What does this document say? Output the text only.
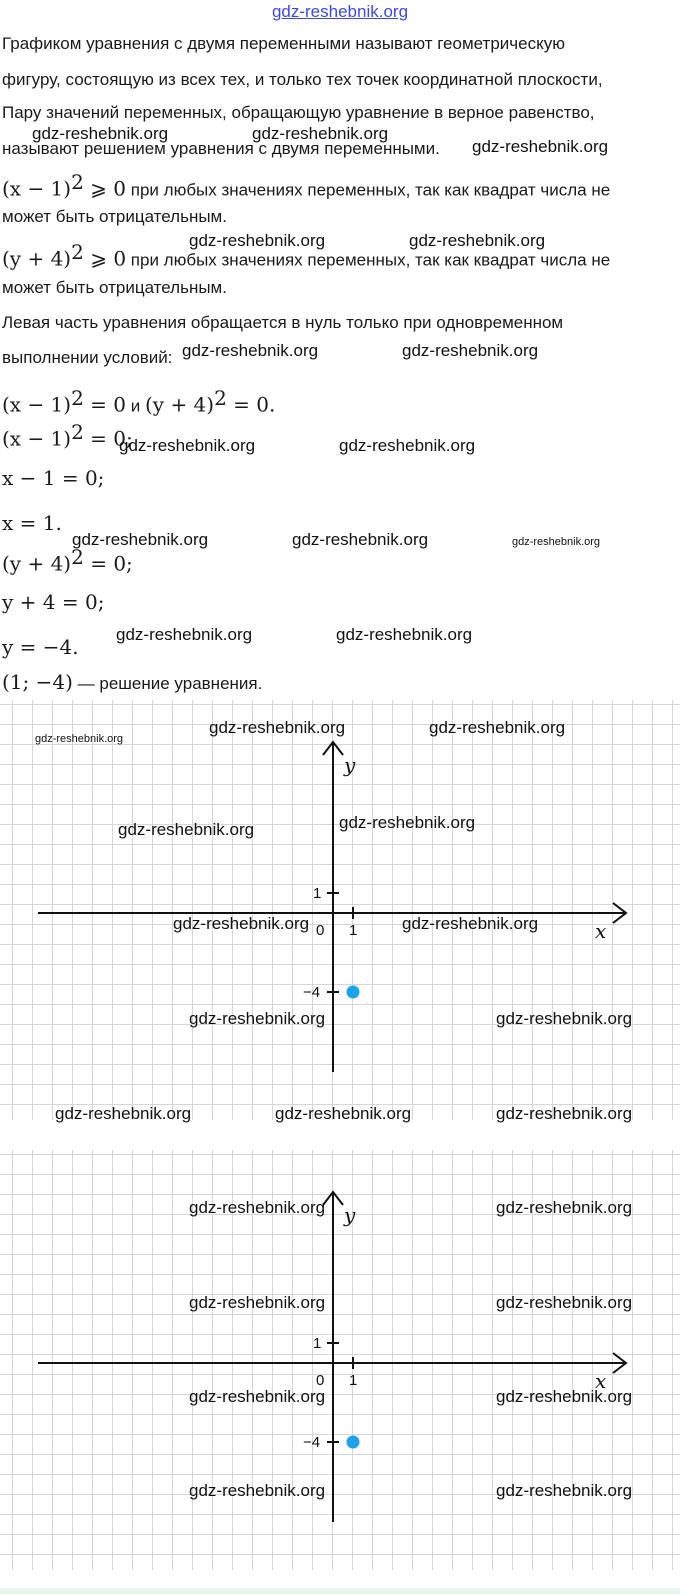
gdz-reshebnik.org
Графиком уравнения с двумя переменными называют геометрическую
фигуру, состоящую из всех тех, и только тех точек координатной плоскости,
Пару значений переменных, обращающую уравнение в верное равенство,
называют решением уравнения с двумя переменными.
$(x - 1)^2$ ⩾ 0 при любых значениях переменных, так как квадрат числа не
может быть отрицательным.
$(y + 4)^2$ ⩾ 0 при любых значениях переменных, так как квадрат числа не
может быть отрицательным.
Левая часть уравнения обращается в нуль только при одновременном
выполнении условий:
$(x - 1)^2 = 0$ и $(y + 4)^2 = 0$.
$(x - 1)^2 = 0$;
x − 1 = 0;
x = 1.
$(y + 4)^2 = 0$;
y + 4 = 0;
y = −4.
(1; −4) — решение уравнения.
gdz-reshebnik.org	gdz-reshebnik.org
gdz-reshebnik.org
gdz-reshebnik.org	gdz-reshebnik.org
gdz-reshebnik.org	gdz-reshebnik.org
gdz-reshebnik.org	gdz-reshebnik.org
gdz-reshebnik.org	gdz-reshebnik.org	gdz-reshebnik.org
gdz-reshebnik.org	gdz-reshebnik.org
x
y
0 1
1
−4
gdz-reshebnik.org
gdz-reshebnik.org	gdz-reshebnik.org
gdz-reshebnik.org	gdz-reshebnik.org
gdz-reshebnik.org	gdz-reshebnik.org
gdz-reshebnik.org	gdz-reshebnik.org
gdz-reshebnik.org	gdz-reshebnik.org	gdz-reshebnik.org
x
y
0 1
1
−4
gdz-reshebnik.org	gdz-reshebnik.org
gdz-reshebnik.org	gdz-reshebnik.org
gdz-reshebnik.org	gdz-reshebnik.org
gdz-reshebnik.org	gdz-reshebnik.org
